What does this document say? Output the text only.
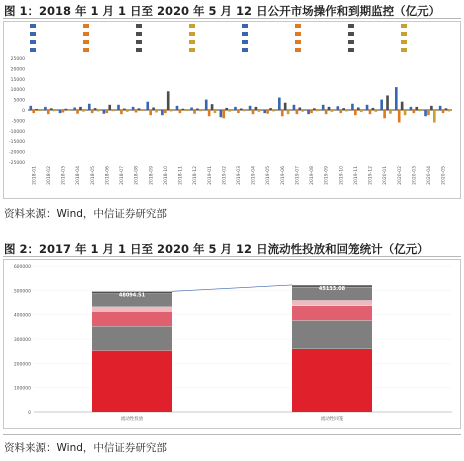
图 1：2018 年 1 月 1 日至 2020 年 5 月 12 日公开市场操作和到期监控（亿元）
25000
20000
15000
10000
5000
0
-5000
-10000
-15000
-20000
-25000
2018-01 2018-02 2018-03 2018-04 2018-05 2018-06 2018-07 2018-08 2018-09 2018-10 2018-11 2018-12 2019-01 2019-02 2019-03 2019-04 2019-05 2019-06 2019-07 2019-08 2019-09 2019-10 2019-11 2019-12 2020-01 2020-02 2020-03 2020-04 2020-05
资料来源：Wind，中信证券研究部
图 2：2017 年 1 月 1 日至 2020 年 5 月 12 日流动性投放和回笼统计（亿元）
600000
500000
400000
300000
200000
100000
0
48094.51
流动性投放
45133.08
流动性回笼
资料来源：Wind，中信证券研究部
